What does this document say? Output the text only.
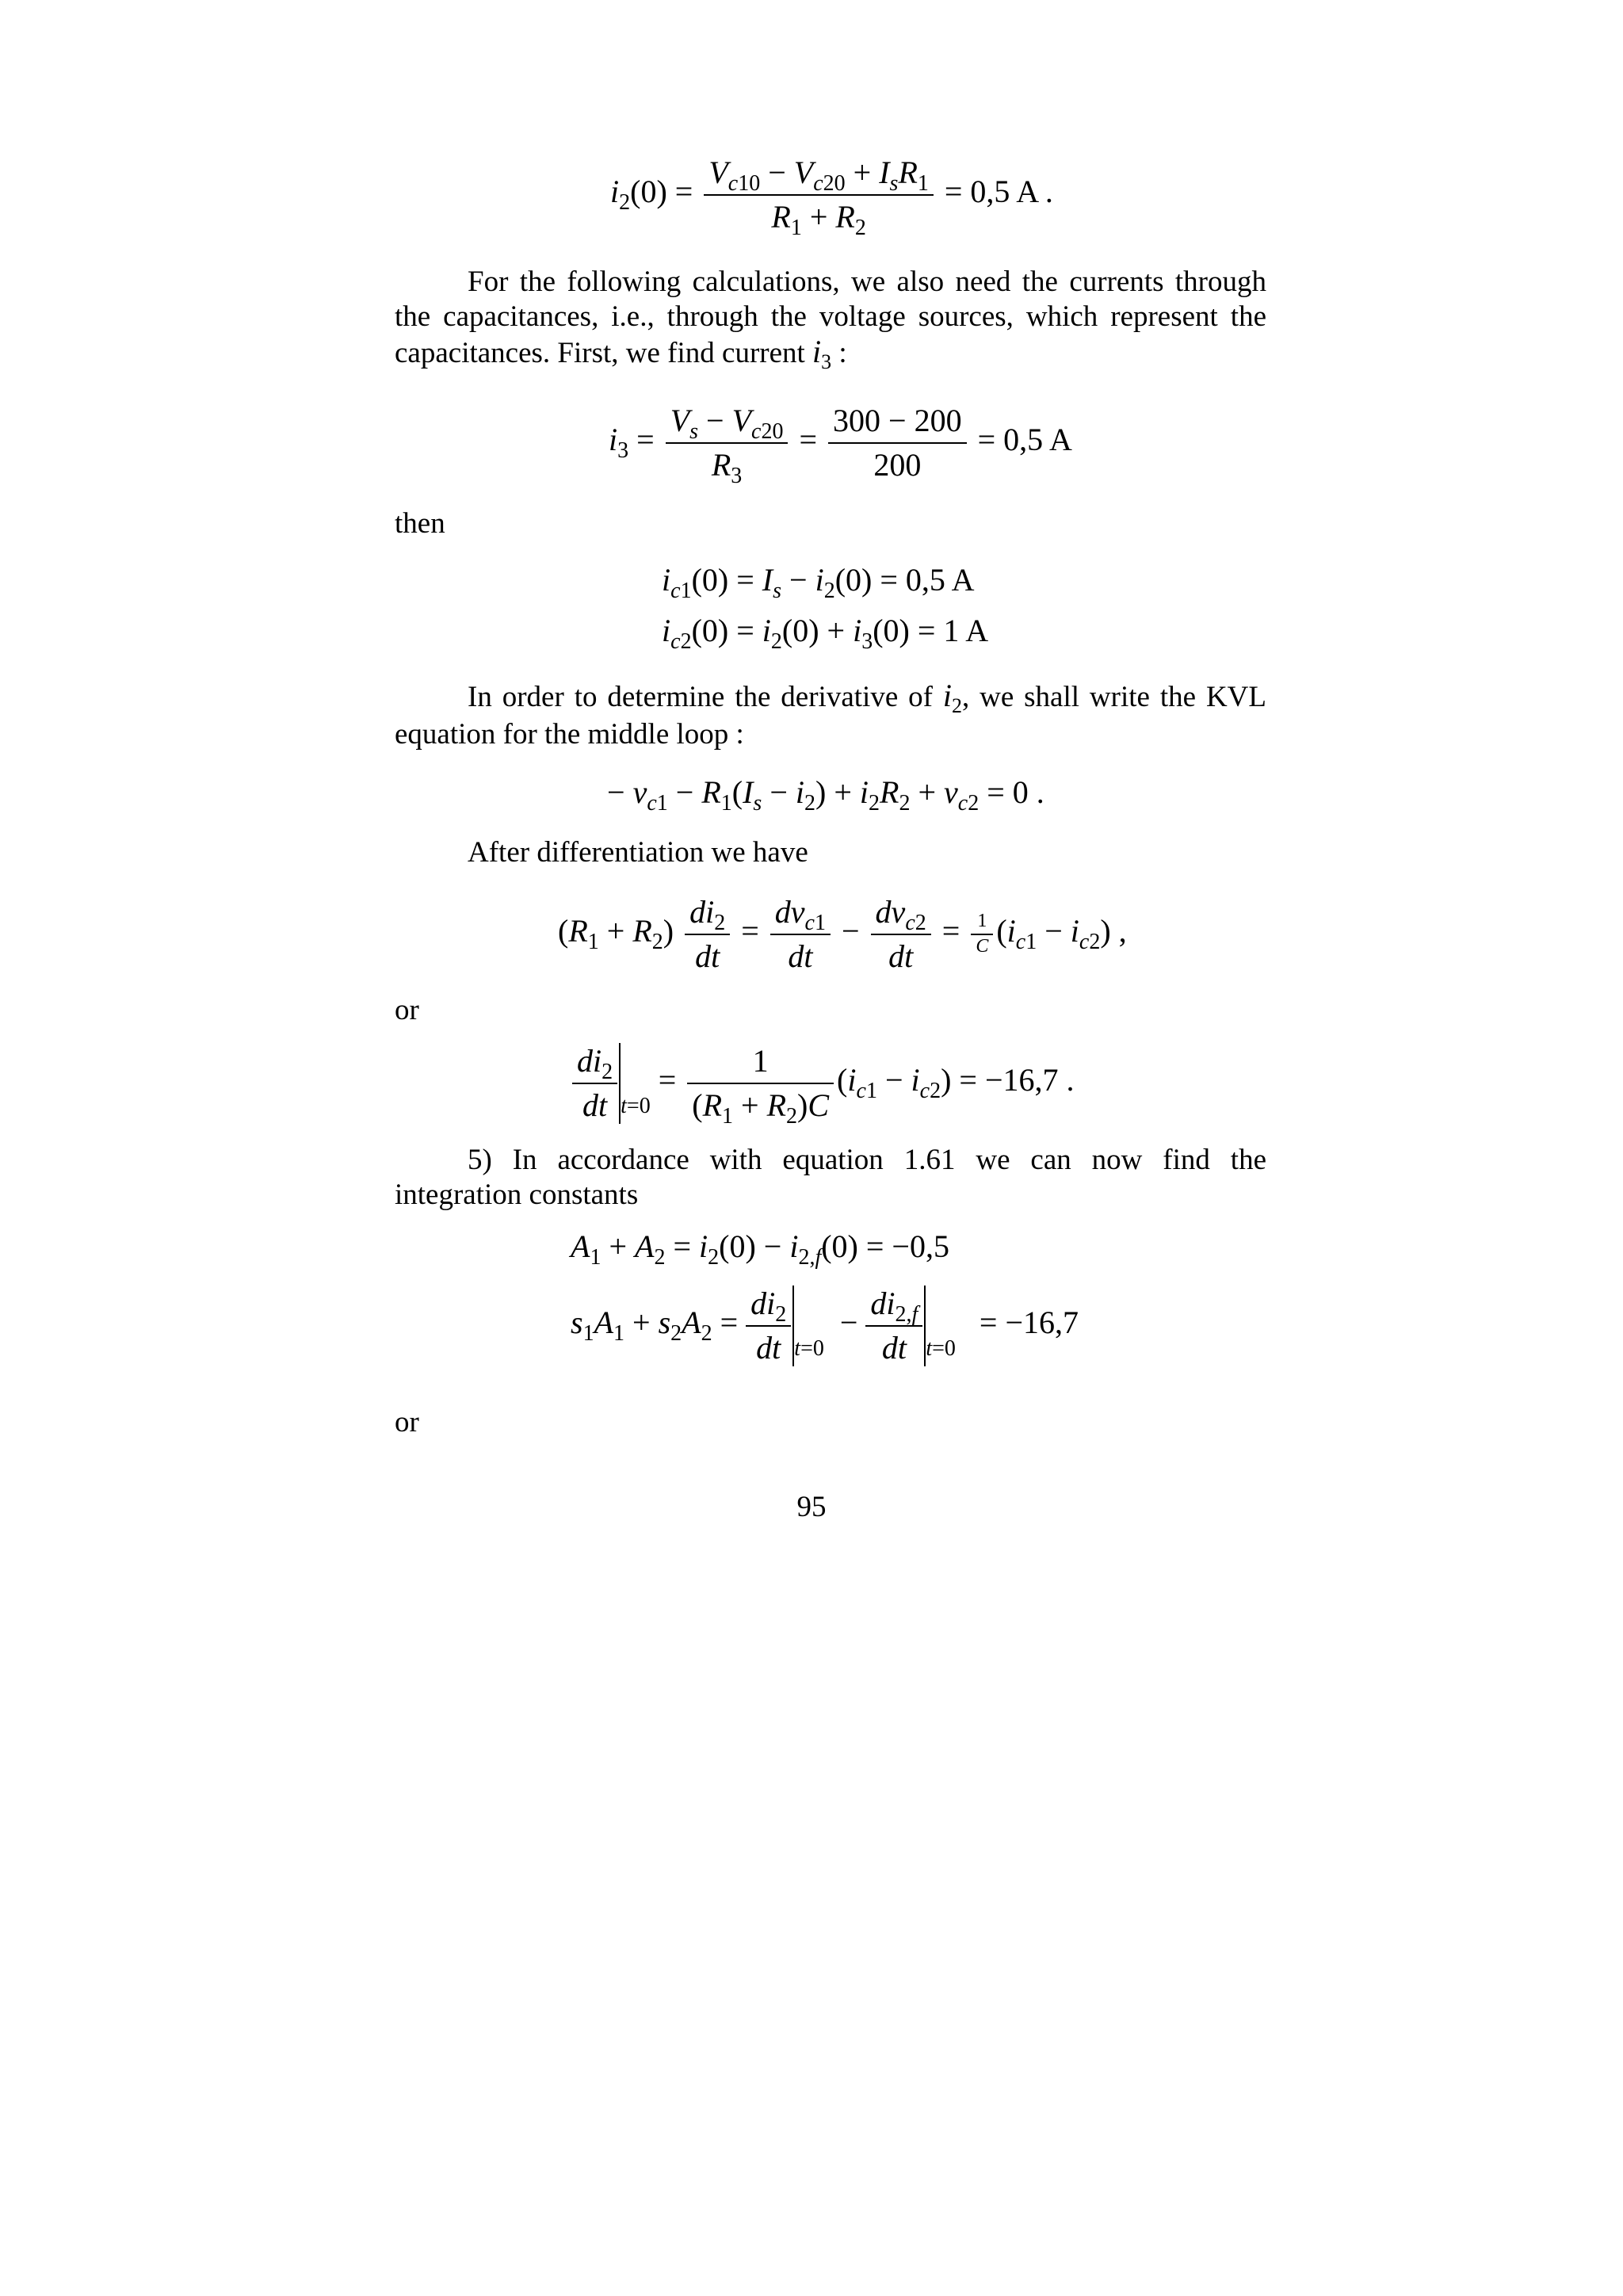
$i_2(0) = \frac{V_{c10} - V_{c20} + I_sR_1}{R_1 + R_2} = 0,5$ A .
For the following calculations, we also need the currents through the capacitances, i.e., through the voltage sources, which represent the capacitances. First, we find current $i_3$ :
$i_3 = \frac{V_s - V_{c20}}{R_3} = \frac{300 - 200}{200} = 0,5$ A
then
$i_{c1}(0) = I_s - i_2(0) = 0,5$ A
$i_{c2}(0) = i_2(0) + i_3(0) = 1$ A
In order to determine the derivative of $i_2$, we shall write the KVL equation for the middle loop :
− $v_{c1} - R_1(I_s - i_2) + i_2R_2 + v_{c2} = 0$ .
After differentiation we have
$(R_1 + R_2) \frac{di_2}{dt} = \frac{dv_{c1}}{dt} - \frac{dv_{c2}}{dt} = \frac{1}{C} (i_{c1} - i_{c2})$ ,
or
$\frac{di_2}{dt} _{t=0} = \frac{1}{(R_1 + R_2)C} (i_{c1} - i_{c2}) = -16,7$ .
5) In accordance with equation 1.61 we can now find the integration constants
$A_1 + A_2 = i_2(0) - i_{2,f}(0) = -0,5$
$s_1A_1 + s_2A_2 = \frac{di_2}{dt} _{t=0} - \frac{di_{2,f}}{dt} _{t=0} = -16,7$
or
95
